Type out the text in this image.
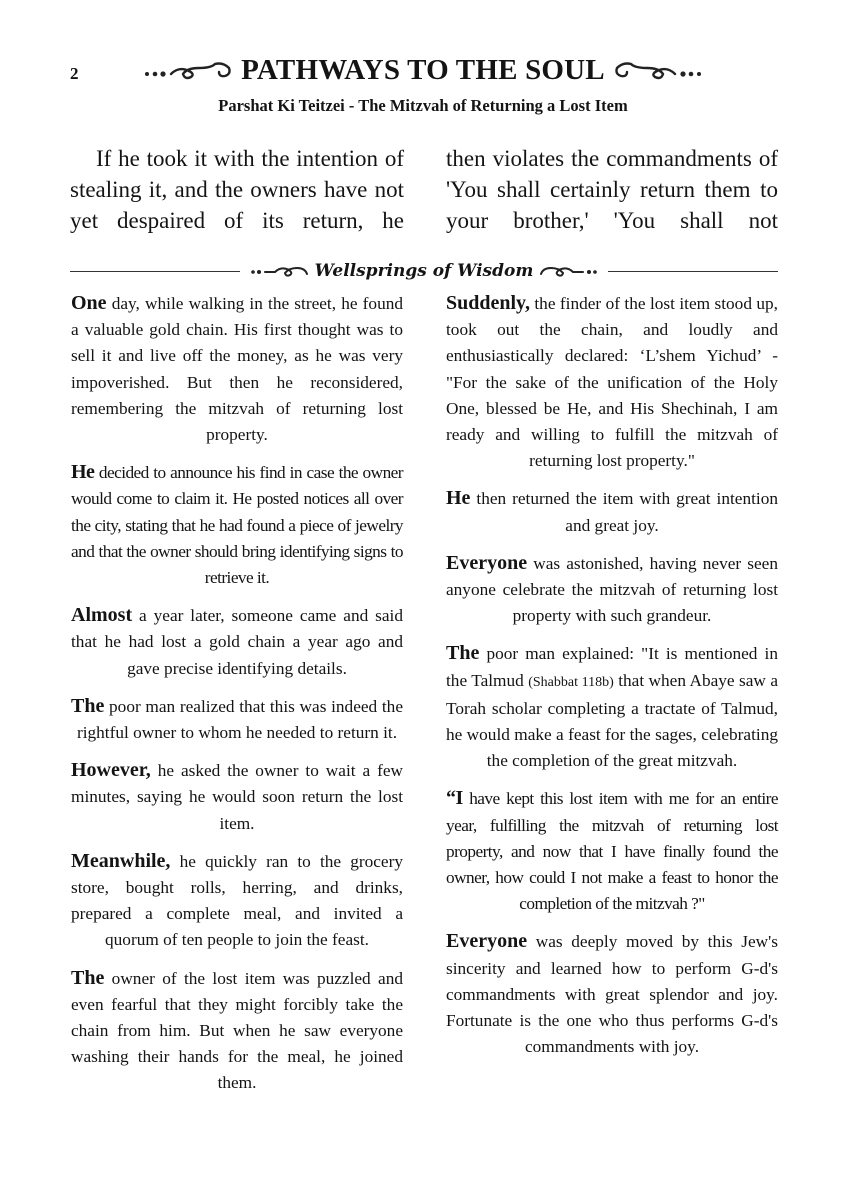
2	PATHWAYS TO THE SOUL
Parshat Ki Teitzei - The Mitzvah of Returning a Lost Item
If he took it with the intention of stealing it, and the owners have not yet despaired of its return, he
then violates the commandments of 'You shall certainly return them to your brother,' 'You shall not
Wellsprings of Wisdom

One day, while walking in the street, he found a valuable gold chain. His first thought was to sell it and live off the money, as he was very impoverished. But then he reconsidered, remembering the mitzvah of returning lost property.

He decided to announce his find in case the owner would come to claim it. He posted notices all over the city, stating that he had found a piece of jewelry and that the owner should bring identifying signs to retrieve it.

Almost a year later, someone came and said that he had lost a gold chain a year ago and gave precise identifying details.

The poor man realized that this was indeed the rightful owner to whom he needed to return it.

However, he asked the owner to wait a few minutes, saying he would soon return the lost item.

Meanwhile, he quickly ran to the grocery store, bought rolls, herring, and drinks, prepared a complete meal, and invited a quorum of ten people to join the feast.

The owner of the lost item was puzzled and even fearful that they might forcibly take the chain from him. But when he saw everyone washing their hands for the meal, he joined them.

Suddenly, the finder of the lost item stood up, took out the chain, and loudly and enthusiastically declared: ‘L’shem Yichud’ - "For the sake of the unification of the Holy One, blessed be He, and His Shechinah, I am ready and willing to fulfill the mitzvah of returning lost property."

He then returned the item with great intention and great joy.

Everyone was astonished, having never seen anyone celebrate the mitzvah of returning lost property with such grandeur.

The poor man explained: "It is mentioned in the Talmud (Shabbat 118b) that when Abaye saw a Torah scholar completing a tractate of Talmud, he would make a feast for the sages, celebrating the completion of the great mitzvah.

“I have kept this lost item with me for an entire year, fulfilling the mitzvah of returning lost property, and now that I have finally found the owner, how could I not make a feast to honor the completion of the mitzvah ?"

Everyone was deeply moved by this Jew's sincerity and learned how to perform G-d's commandments with great splendor and joy. Fortunate is the one who thus performs G-d's commandments with joy.
